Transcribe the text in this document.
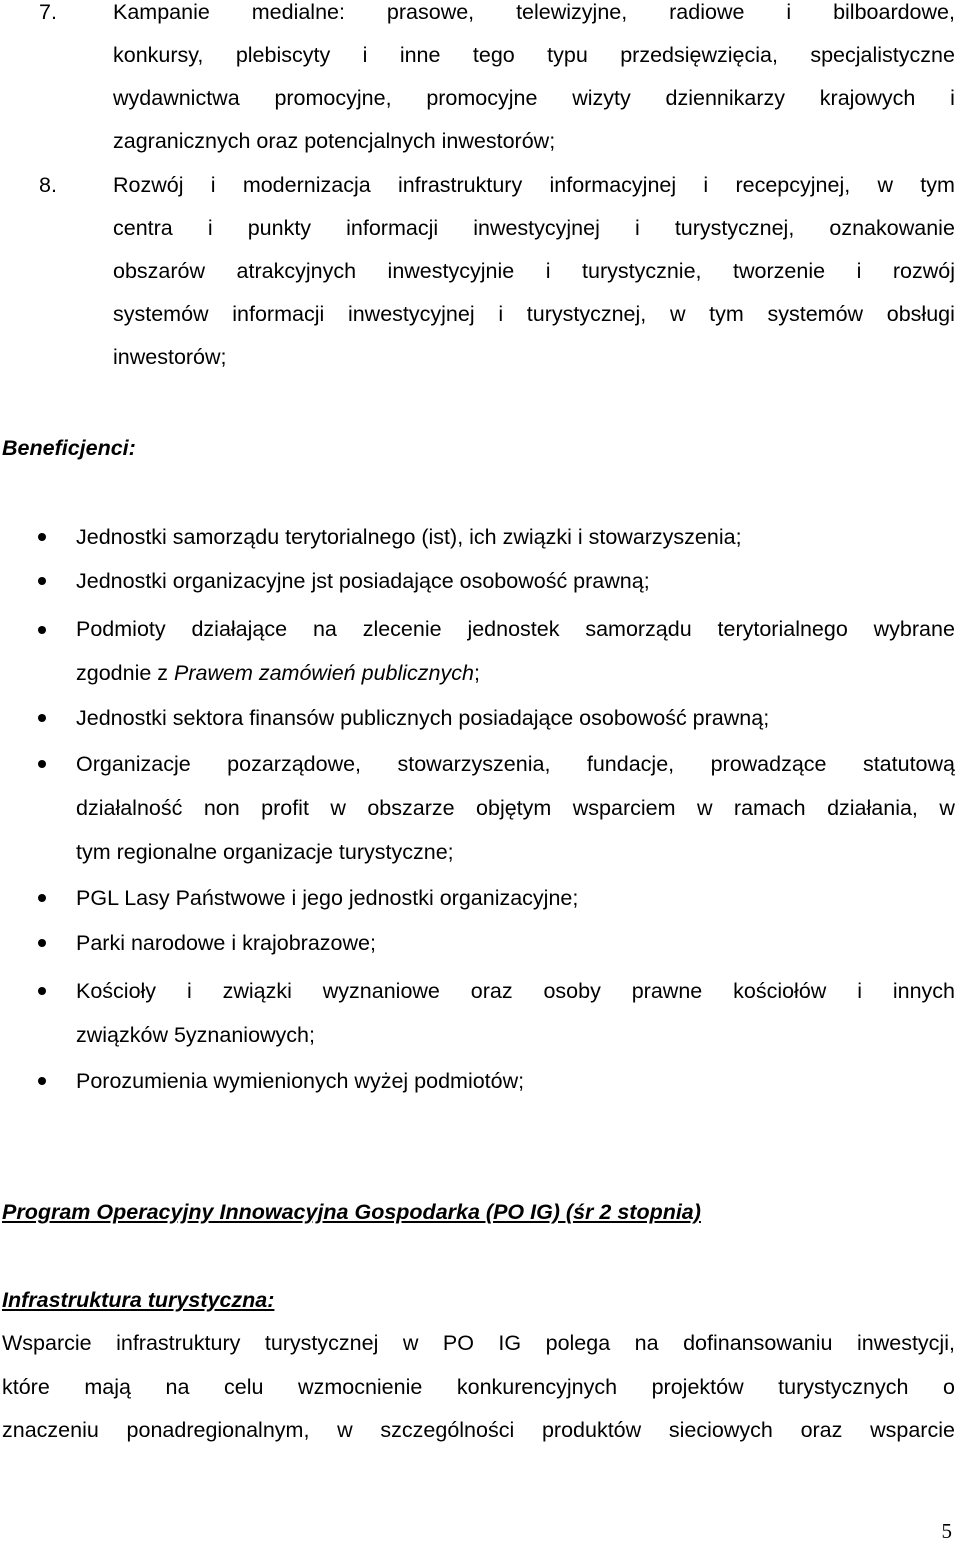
7.	Kampanie medialne: prasowe, telewizyjne, radiowe i bilboardowe,
konkursy, plebiscyty i inne tego typu przedsięwzięcia, specjalistyczne
wydawnictwa promocyjne, promocyjne wizyty dziennikarzy krajowych i
zagranicznych oraz potencjalnych inwestorów;
8.	Rozwój i modernizacja infrastruktury informacyjnej i recepcyjnej, w tym
centra i punkty informacji inwestycyjnej i turystycznej, oznakowanie
obszarów atrakcyjnych inwestycyjnie i turystycznie, tworzenie i rozwój
systemów informacji inwestycyjnej i turystycznej, w tym systemów obsługi
inwestorów;
Beneficjenci:
Jednostki samorządu terytorialnego (ist), ich związki i stowarzyszenia;
Jednostki organizacyjne jst posiadające osobowość prawną;
Podmioty działające na zlecenie jednostek samorządu terytorialnego wybrane
zgodnie z Prawem zamówień publicznych;
Jednostki sektora finansów publicznych posiadające osobowość prawną;
Organizacje pozarządowe, stowarzyszenia, fundacje, prowadzące statutową
działalność non profit w obszarze objętym wsparciem w ramach działania, w
tym regionalne organizacje turystyczne;
PGL Lasy Państwowe i jego jednostki organizacyjne;
Parki narodowe i krajobrazowe;
Kościoły i związki wyznaniowe oraz osoby prawne kościołów i innych
związków 5yznaniowych;
Porozumienia wymienionych wyżej podmiotów;
Program Operacyjny Innowacyjna Gospodarka (PO IG) (śr 2 stopnia)
Infrastruktura turystyczna:
Wsparcie infrastruktury turystycznej w PO IG polega na dofinansowaniu inwestycji,
które mają na celu wzmocnienie konkurencyjnych projektów turystycznych o
znaczeniu ponadregionalnym, w szczególności produktów sieciowych oraz wsparcie
5
